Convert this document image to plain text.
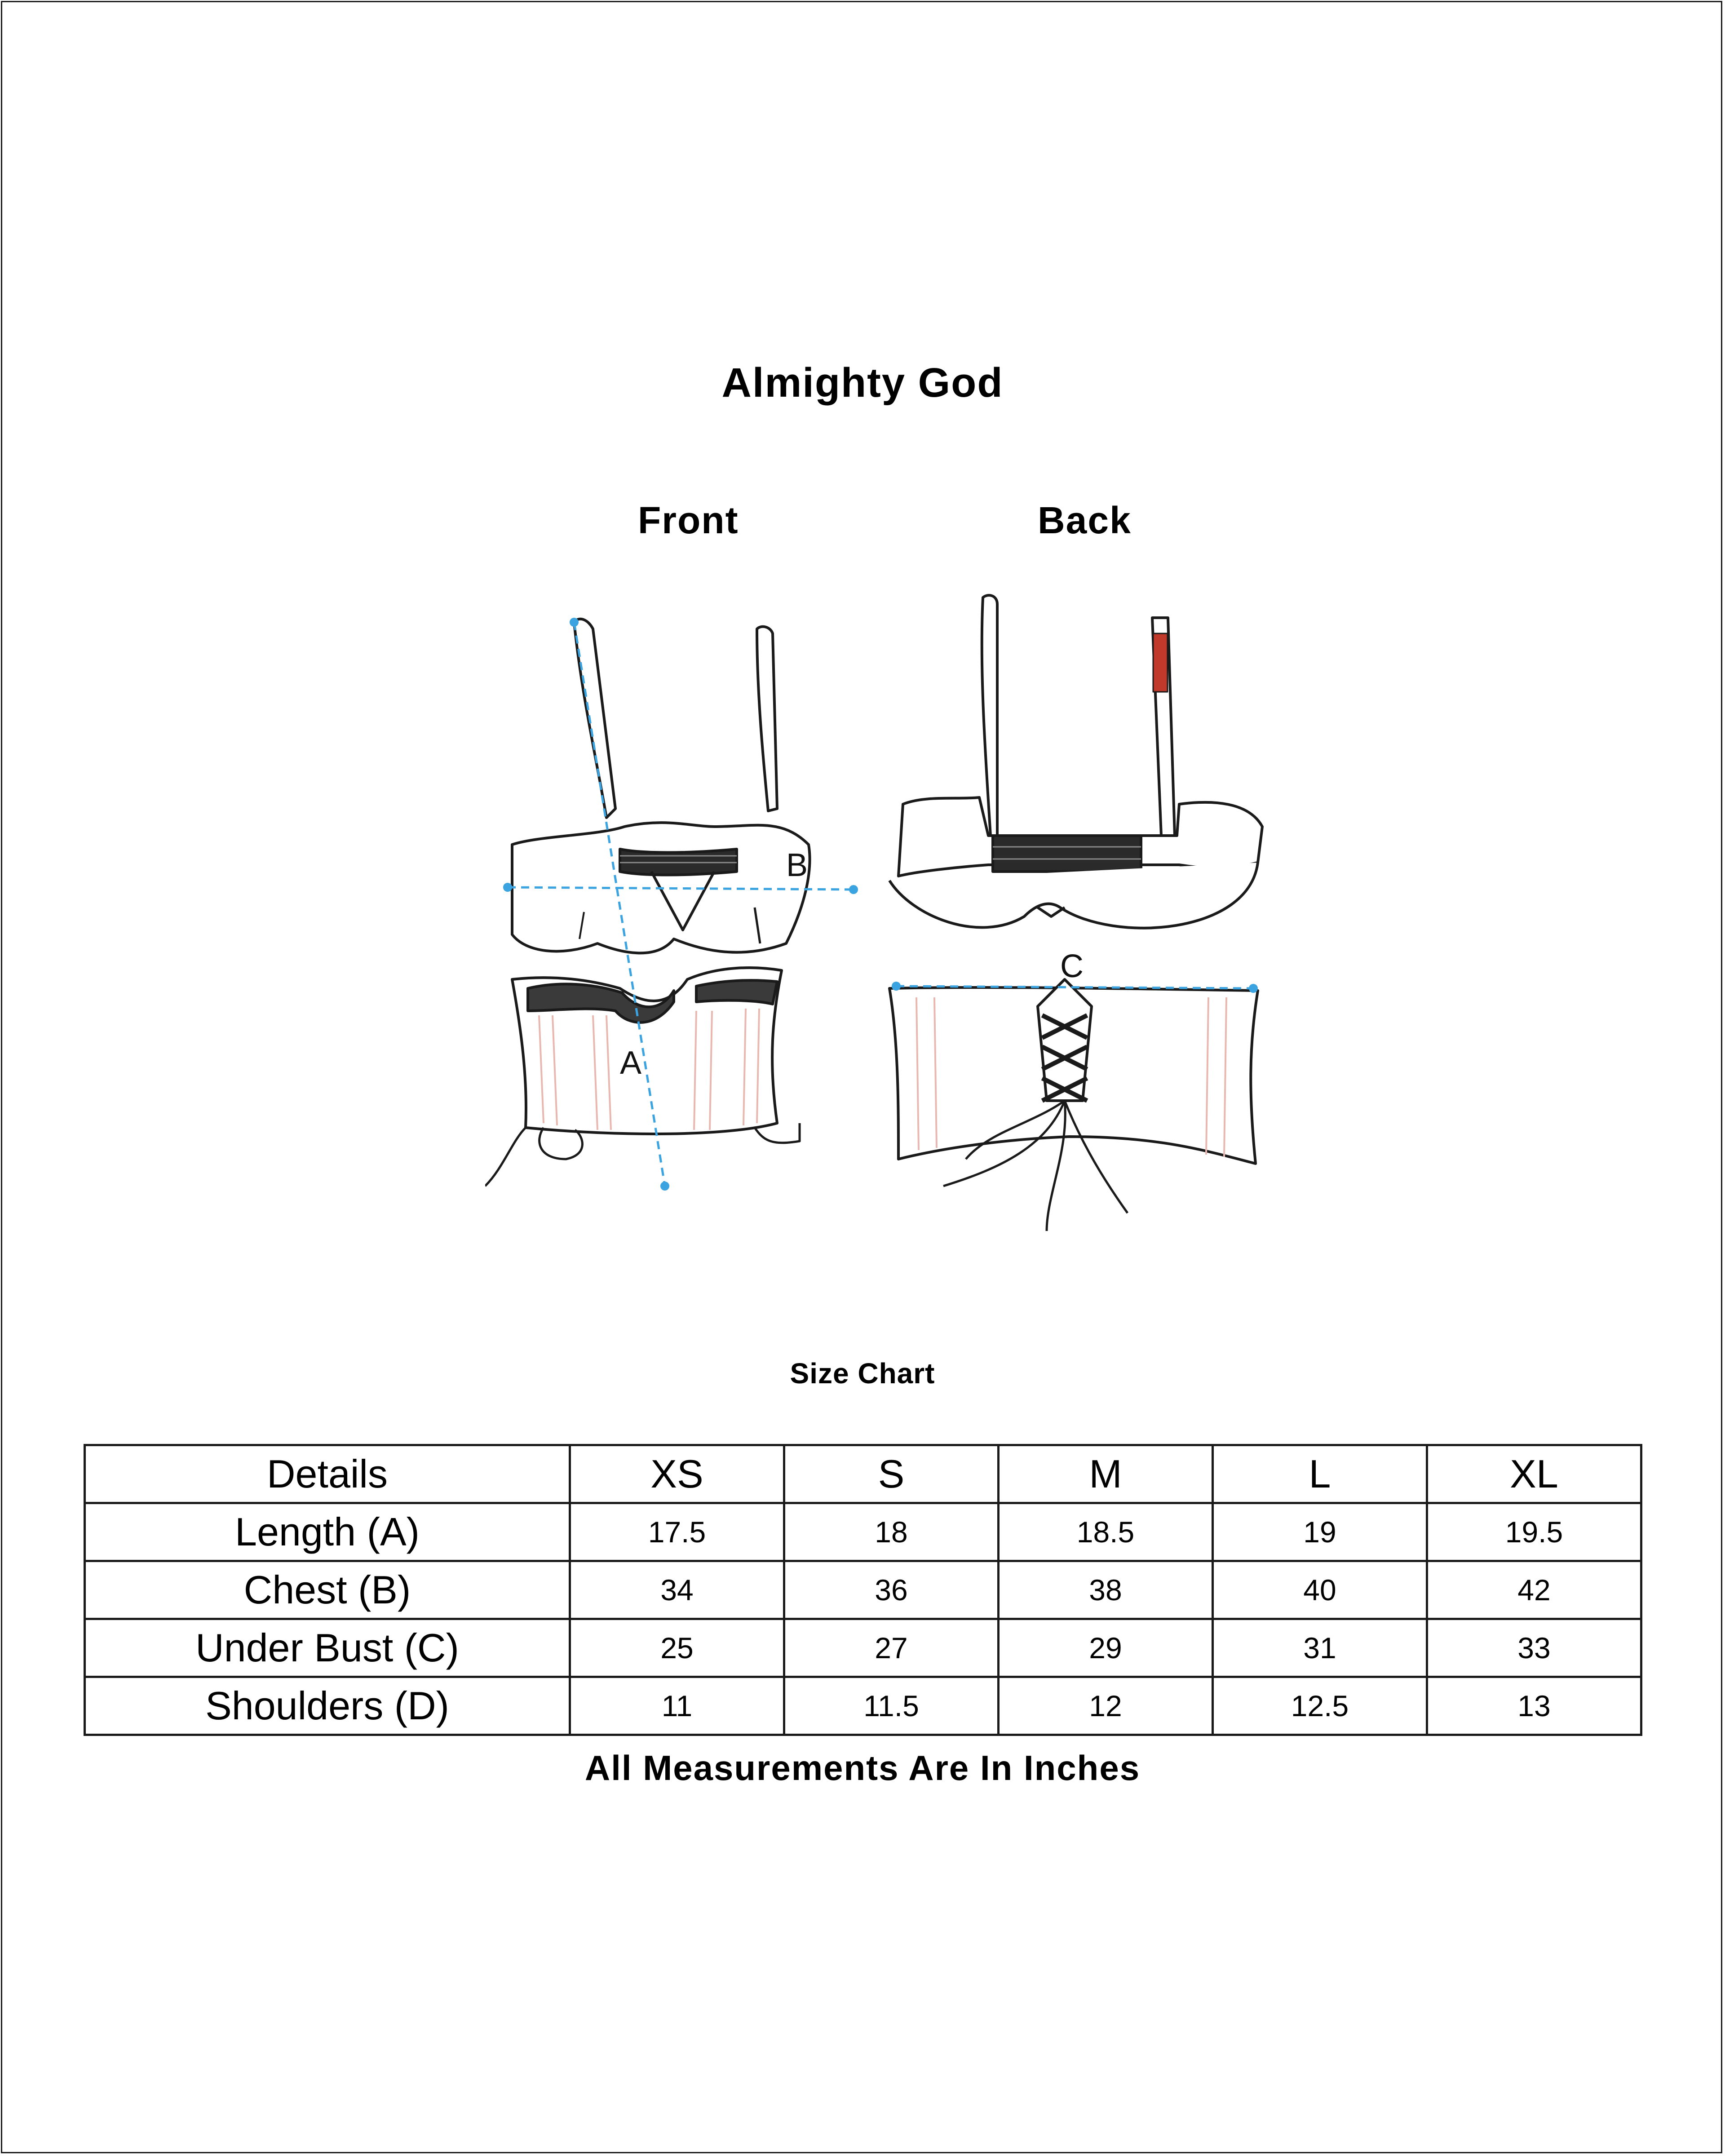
Almighty God
Front	Back
A
B
C
Size Chart
Details	XS	S	M	L	XL
Length (A)	17.5	18	18.5	19	19.5
Chest (B)	34	36	38	40	42
Under Bust (C)	25	27	29	31	33
Shoulders (D)	11	11.5	12	12.5	13
All Measurements Are In Inches
